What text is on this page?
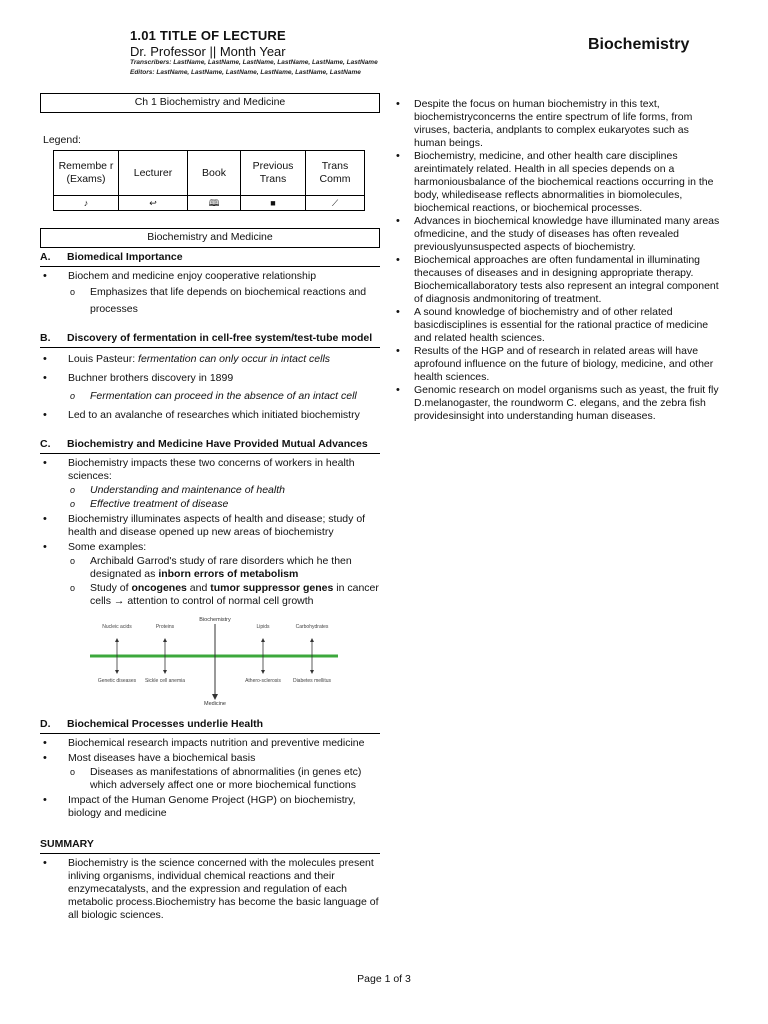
1.01 TITLE OF LECTURE
Dr. Professor || Month Year
Transcribers: LastName, LastName, LastName, LastName, LastName, LastName
Editors: LastName, LastName, LastName, LastName, LastName, LastName
Biochemistry
Ch 1 Biochemistry and Medicine
Legend:
Remembe r (Exams)	Lecturer	Book	Previous Trans	Trans Comm
♪	↩	🕮	■	⟋
Biochemistry and Medicine
A.	Biomedical Importance
• Biochem and medicine enjoy cooperative relationship
o Emphasizes that life depends on biochemical reactions and processes
B.	Discovery of fermentation in cell-free system/test-tube model
• Louis Pasteur: fermentation can only occur in intact cells
• Buchner brothers discovery in 1899
o Fermentation can proceed in the absence of an intact cell
• Led to an avalanche of researches which initiated biochemistry
C.	Biochemistry and Medicine Have Provided Mutual Advances
• Biochemistry impacts these two concerns of workers in health sciences:
o Understanding and maintenance of health
o Effective treatment of disease
• Biochemistry illuminates aspects of health and disease; study of health and disease opened up new areas of biochemistry
• Some examples:
o Archibald Garrod's study of rare disorders which he then designated as inborn errors of metabolism
o Study of oncogenes and tumor suppressor genes in cancer cells → attention to control of normal cell growth
Biochemistry
Medicine
Nucleic acids
Genetic diseases
Proteins
Sickle cell anemia
Lipids
Athero-sclerosis
Carbohydrates
Diabetes mellitus
D.	Biochemical Processes underlie Health
• Biochemical research impacts nutrition and preventive medicine
• Most diseases have a biochemical basis
o Diseases as manifestations of abnormalities (in genes etc) which adversely affect one or more biochemical functions
• Impact of the Human Genome Project (HGP) on biochemistry, biology and medicine
SUMMARY
• Biochemistry is the science concerned with the molecules present inliving organisms, individual chemical reactions and their enzymecatalysts, and the expression and regulation of each metabolic process.Biochemistry has become the basic language of all biologic sciences.
• Despite the focus on human biochemistry in this text, biochemistryconcerns the entire spectrum of life forms, from viruses, bacteria, andplants to complex eukaryotes such as human beings.
• Biochemistry, medicine, and other health care disciplines areintimately related. Health in all species depends on a harmoniousbalance of the biochemical reactions occurring in the body, whiledisease reflects abnormalities in biomolecules, biochemical reactions, or biochemical processes.
• Advances in biochemical knowledge have illuminated many areas ofmedicine, and the study of diseases has often revealed previouslyunsuspected aspects of biochemistry.
• Biochemical approaches are often fundamental in illuminating thecauses of diseases and in designing appropriate therapy. Biochemicallaboratory tests also represent an integral component of diagnosis andmonitoring of treatment.
• A sound knowledge of biochemistry and of other related basicdisciplines is essential for the rational practice of medicine and related health sciences.
• Results of the HGP and of research in related areas will have aprofound influence on the future of biology, medicine, and other health sciences.
• Genomic research on model organisms such as yeast, the fruit fly D.melanogaster, the roundworm C. elegans, and the zebra fish providesinsight into understanding human diseases.
Page 1 of 3
